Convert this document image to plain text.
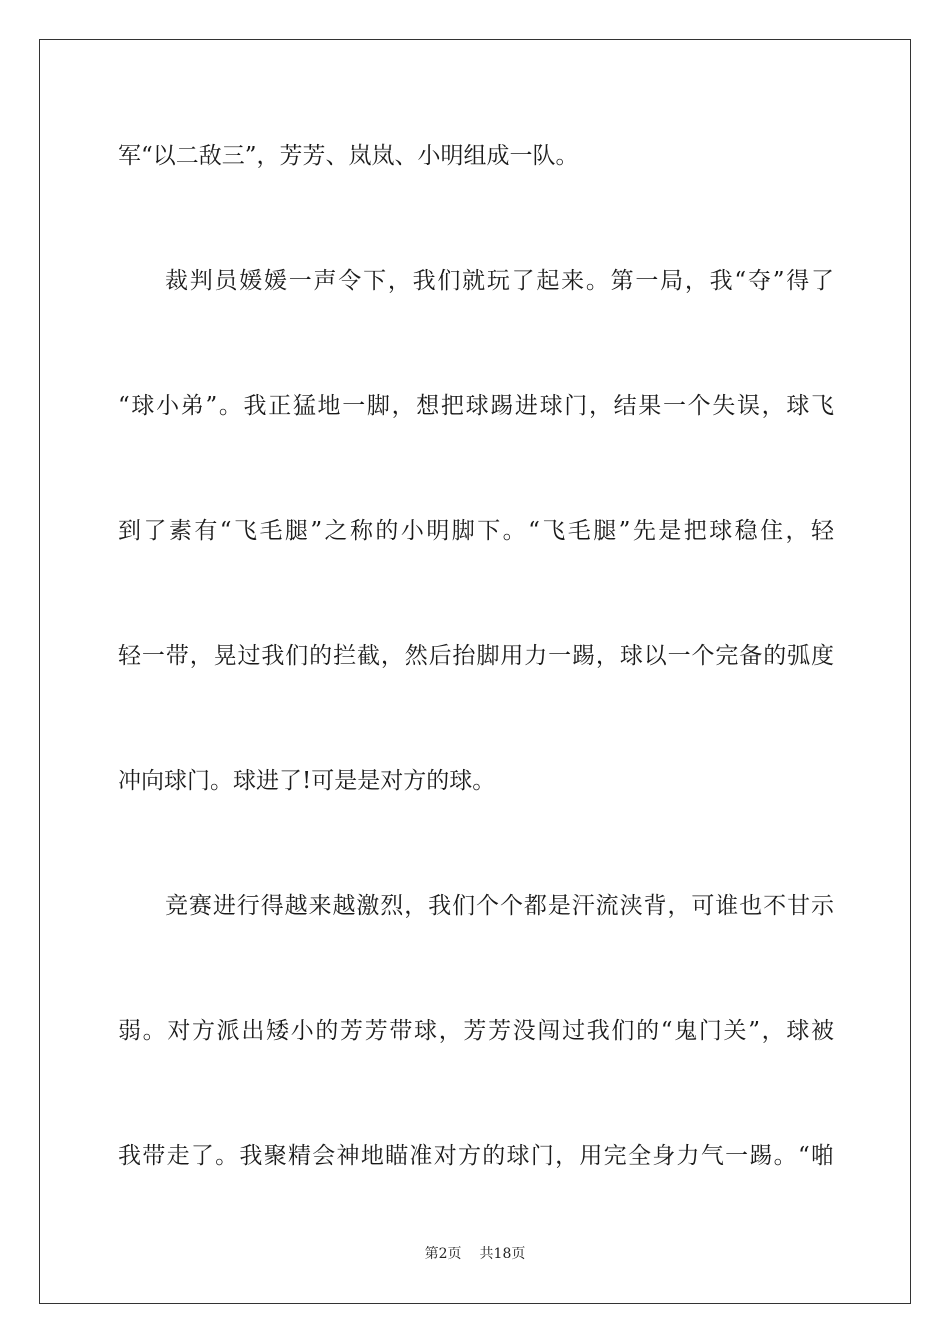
军“以二敌三”，芳芳、岚岚、小明组成一队。
裁判员媛媛一声令下，我们就玩了起来。第一局，我“夺”得了
“球小弟”。我正猛地一脚，想把球踢进球门，结果一个失误，球飞
到了素有“飞毛腿”之称的小明脚下。“飞毛腿”先是把球稳住，轻
轻一带，晃过我们的拦截，然后抬脚用力一踢，球以一个完备的弧度
冲向球门。球进了!可是是对方的球。
竞赛进行得越来越激烈，我们个个都是汗流浃背，可谁也不甘示
弱。对方派出矮小的芳芳带球，芳芳没闯过我们的“鬼门关”，球被
我带走了。我聚精会神地瞄准对方的球门，用完全身力气一踢。“啪
第2页 共18页
